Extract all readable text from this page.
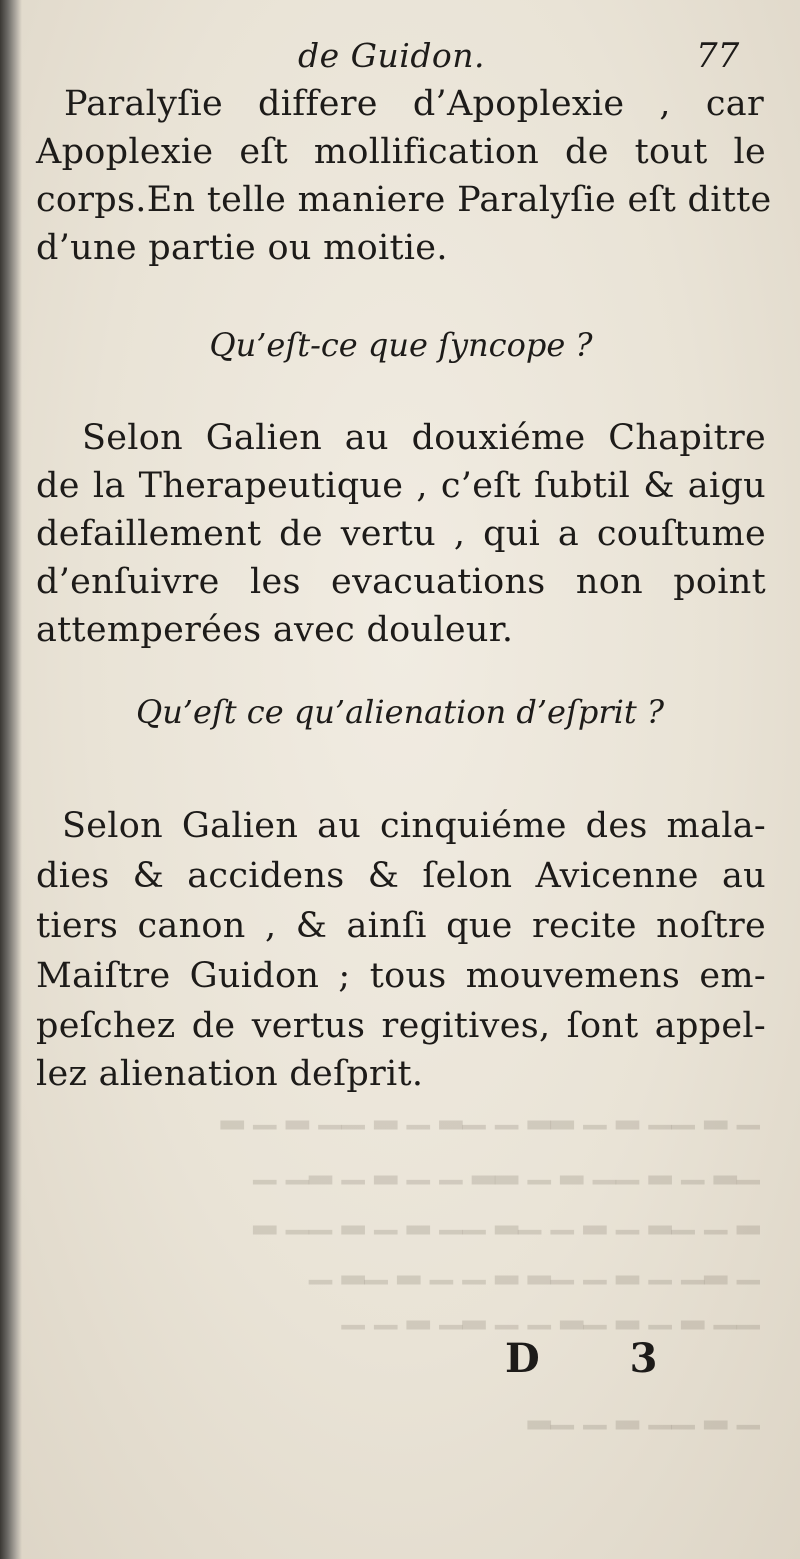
▁ ▂ ▁▁ ▂ ▁ ▂▂ ▁ ▁▂ ▁ ▂ ▁▁ ▂ ▁ ▂
▁▂ ▁ ▂ ▁▁ ▂ ▁ ▂▂ ▁ ▁ ▂ ▁ ▂▁ ▁
▂ ▁ ▁▂ ▁ ▂ ▁ ▁▂ ▁▁ ▂ ▁ ▂ ▁▁ ▂
▁ ▂▁ ▁ ▂ ▁ ▁▂ ▂ ▁ ▁ ▂ ▁▂ ▁
▁▁ ▂ ▁ ▂ ▁▂ ▁ ▁ ▂▁ ▂ ▁ ▁
▁ ▂ ▁▁ ▂ ▁ ▁▂
de Guidon.	77
Paralyſie differe d’Apoplexie , car
Apoplexie eſt mollification de tout le
corps.En telle maniere Paralyſie eſt ditte
d’une partie ou moitie.
Qu’eſt-ce que ſyncope ?
Selon Galien au douxiéme Chapitre
de la Therapeutique , c’eſt ſubtil & aigu
defaillement de vertu , qui a couſtume
d’enſuivre les evacuations non point
attemperées avec douleur.
Qu’eſt ce qu’alienation d’eſprit ?
Selon Galien au cinquiéme des mala-
dies & accidens & ſelon Avicenne au
tiers canon , & ainſi que recite noſtre
Maiſtre Guidon ; tous mouvemens em-
peſchez de vertus regitives, ſont appel-
lez alienation deſprit.
D 3
